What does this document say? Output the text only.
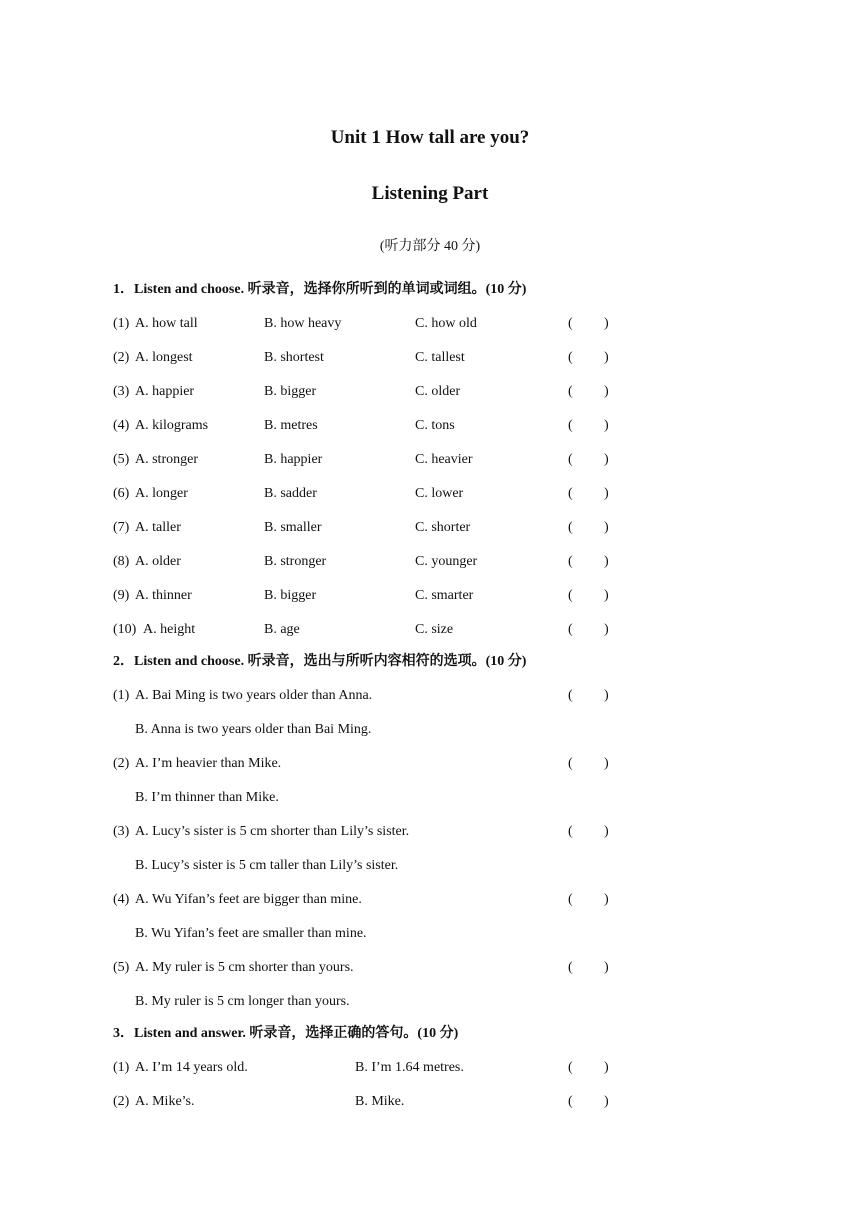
Unit 1 How tall are you?
Listening Part
(听力部分 40 分)
1．Listen and choose. 听录音，选择你所听到的单词或词组。(10 分)
(1) A. how tall	B. how heavy	C. how old	( )
(2) A. longest	B. shortest	C. tallest	( )
(3) A. happier	B. bigger	C. older	( )
(4) A. kilograms	B. metres	C. tons	( )
(5) A. stronger	B. happier	C. heavier	( )
(6) A. longer	B. sadder	C. lower	( )
(7) A. taller	B. smaller	C. shorter	( )
(8) A. older	B. stronger	C. younger	( )
(9) A. thinner	B. bigger	C. smarter	( )
(10) A. height	B. age	C. size	( )
2．Listen and choose. 听录音，选出与所听内容相符的选项。(10 分)
(1) A. Bai Ming is two years older than Anna.	( )
B. Anna is two years older than Bai Ming.
(2) A. I’m heavier than Mike.	( )
B. I’m thinner than Mike.
(3) A. Lucy’s sister is 5 cm shorter than Lily’s sister.	( )
B. Lucy’s sister is 5 cm taller than Lily’s sister.
(4) A. Wu Yifan’s feet are bigger than mine.	( )
B. Wu Yifan’s feet are smaller than mine.
(5) A. My ruler is 5 cm shorter than yours.	( )
B. My ruler is 5 cm longer than yours.
3．Listen and answer. 听录音，选择正确的答句。(10 分)
(1) A. I’m 14 years old.	B. I’m 1.64 metres.	( )
(2) A. Mike’s.	B. Mike.	( )
